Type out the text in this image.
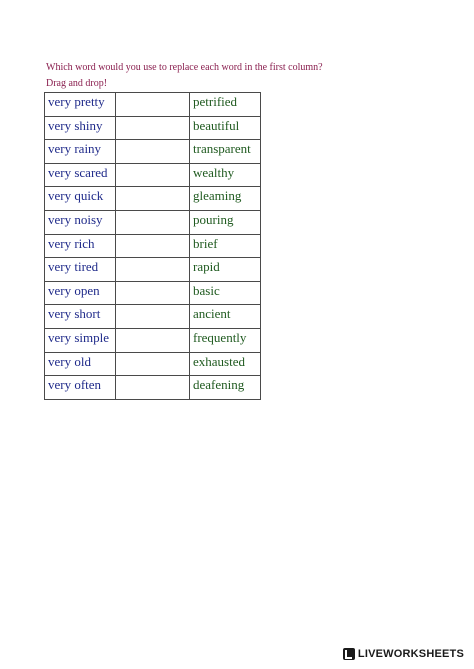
Which word would you use to replace each word in the first column?
Drag and drop!
very pretty		petrified
very shiny		beautiful
very rainy		transparent
very scared		wealthy
very quick		gleaming
very noisy		pouring
very rich		brief
very tired		rapid
very open		basic
very short		ancient
very simple		frequently
very old		exhausted
very often		deafening
LIVEWORKSHEETS
